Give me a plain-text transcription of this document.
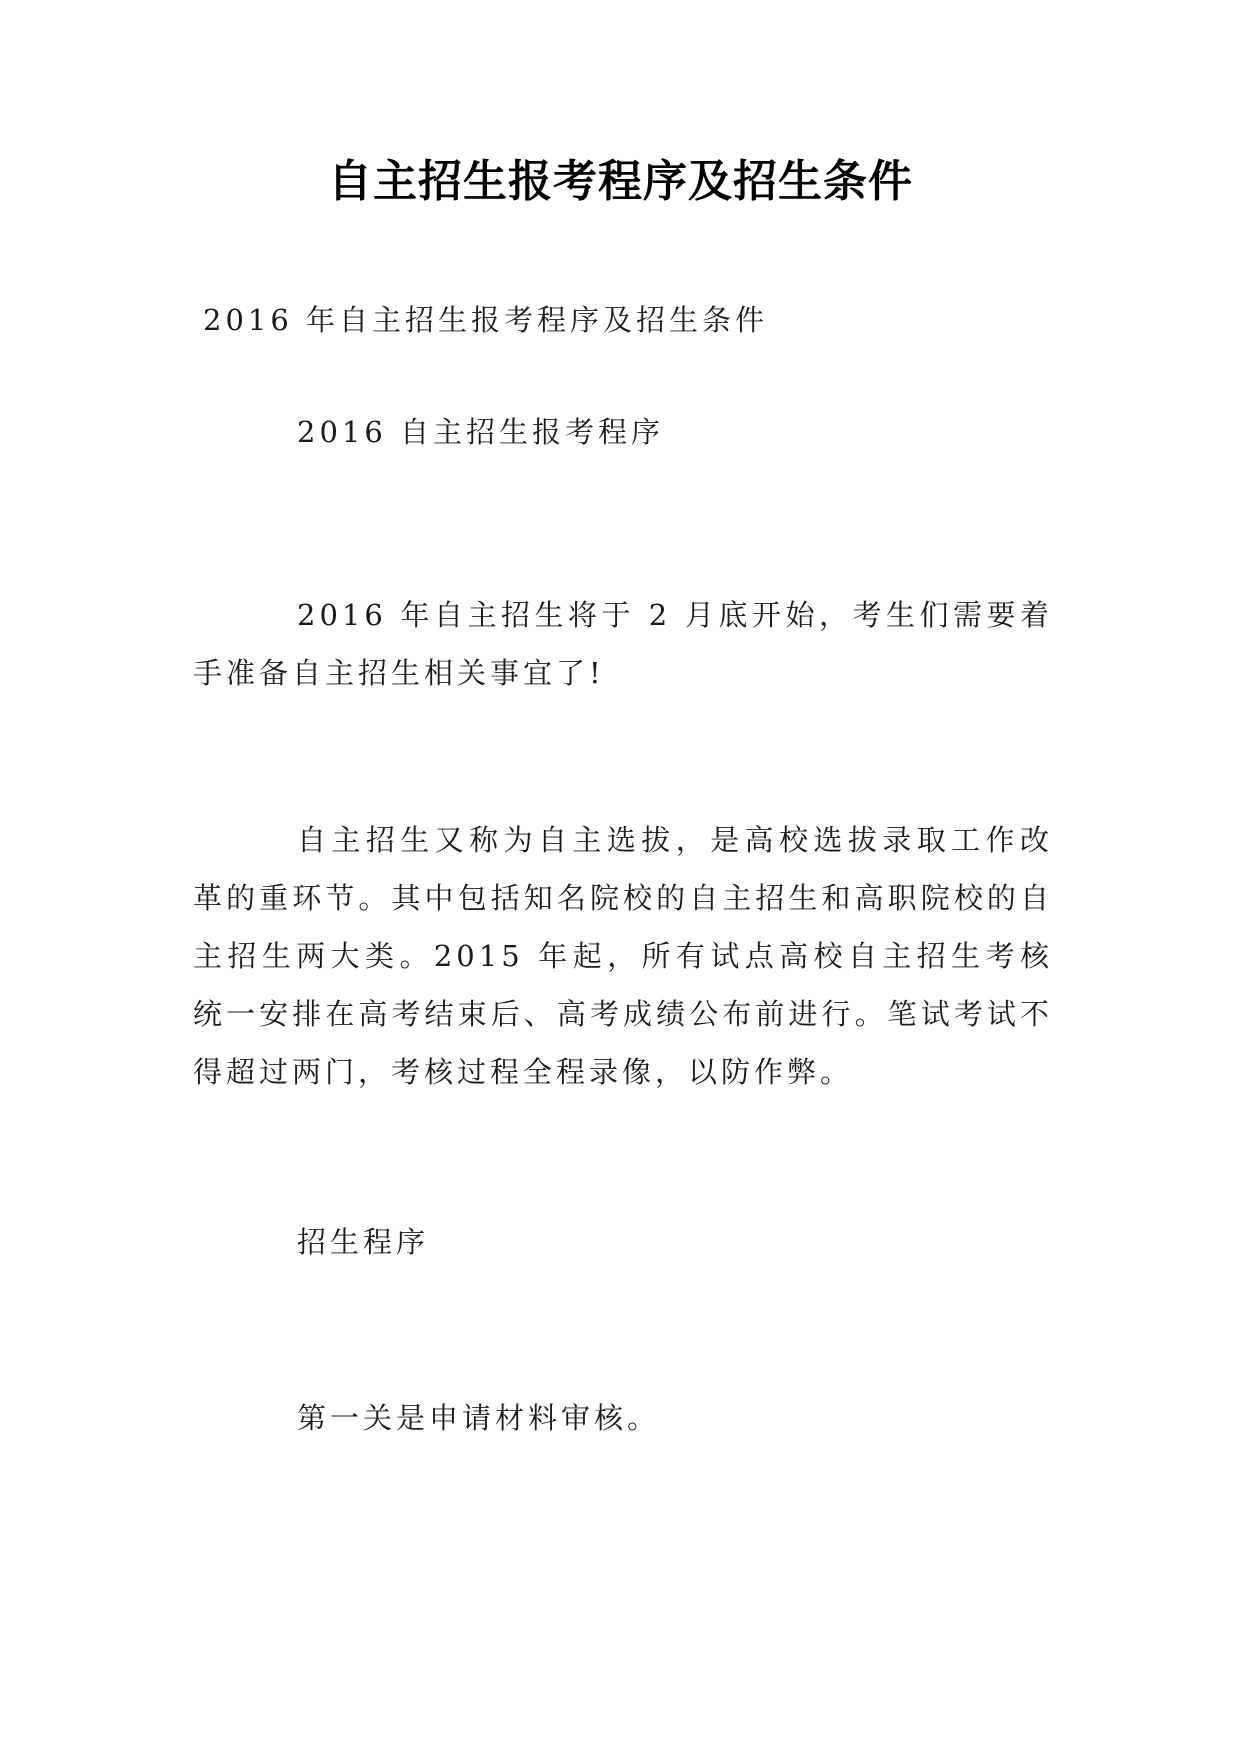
自主招生报考程序及招生条件
2016 年自主招生报考程序及招生条件
2016 自主招生报考程序
2016 年自主招生将于 2 月底开始，考生们需要着手准备自主招生相关事宜了!
自主招生又称为自主选拔，是高校选拔录取工作改革的重环节。其中包括知名院校的自主招生和高职院校的自主招生两大类。2015 年起，所有试点高校自主招生考核统一安排在高考结束后、高考成绩公布前进行。笔试考试不得超过两门，考核过程全程录像，以防作弊。
招生程序
第一关是申请材料审核。
